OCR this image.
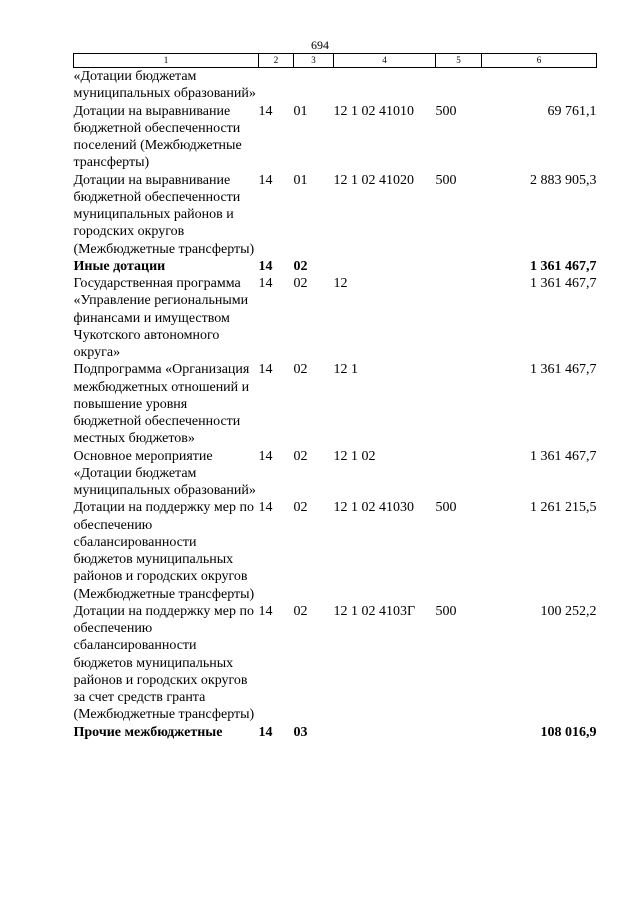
694
1	2	3	4	5	6
«Дотации бюджетам муниципальных образований»					
Дотации на выравнивание бюджетной обеспеченности поселений (Межбюджетные трансферты)	14	01	12 1 02 41010	500	69 761,1
Дотации на выравнивание бюджетной обеспеченности муниципальных районов и городских округов (Межбюджетные трансферты)	14	01	12 1 02 41020	500	2 883 905,3
Иные дотации	14	02			1 361 467,7
Государственная программа «Управление региональными финансами и имуществом Чукотского автономного округа»	14	02	12		1 361 467,7
Подпрограмма «Организация межбюджетных отношений и повышение уровня бюджетной обеспеченности местных бюджетов»	14	02	12 1		1 361 467,7
Основное мероприятие «Дотации бюджетам муниципальных образований»	14	02	12 1 02		1 361 467,7
Дотации на поддержку мер по обеспечению сбалансированности бюджетов муниципальных районов и городских округов (Межбюджетные трансферты)	14	02	12 1 02 41030	500	1 261 215,5
Дотации на поддержку мер по обеспечению сбалансированности бюджетов муниципальных районов и городских округов за счет средств гранта (Межбюджетные трансферты)	14	02	12 1 02 4103Г	500	100 252,2
Прочие межбюджетные	14	03			108 016,9
